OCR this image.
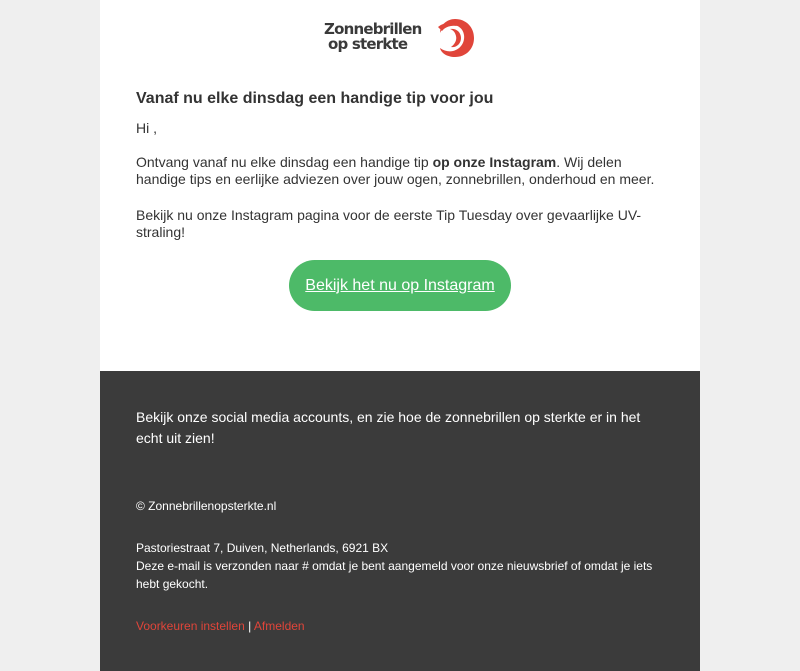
Zonnebrillen
op sterkte
Vanaf nu elke dinsdag een handige tip voor jou

Hi ,

Ontvang vanaf nu elke dinsdag een handige tip op onze Instagram. Wij delen handige tips en eerlijke adviezen over jouw ogen, zonnebrillen, onderhoud en meer.

Bekijk nu onze Instagram pagina voor de eerste Tip Tuesday over gevaarlijke UV-straling!

Bekijk het nu op Instagram

Bekijk onze social media accounts, en zie hoe de zonnebrillen op sterkte er in het echt uit zien!

© Zonnebrillenopsterkte.nl

Pastoriestraat 7, Duiven, Netherlands, 6921 BX

Deze e-mail is verzonden naar # omdat je bent aangemeld voor onze nieuwsbrief of omdat je iets hebt gekocht.

Voorkeuren instellen | Afmelden
